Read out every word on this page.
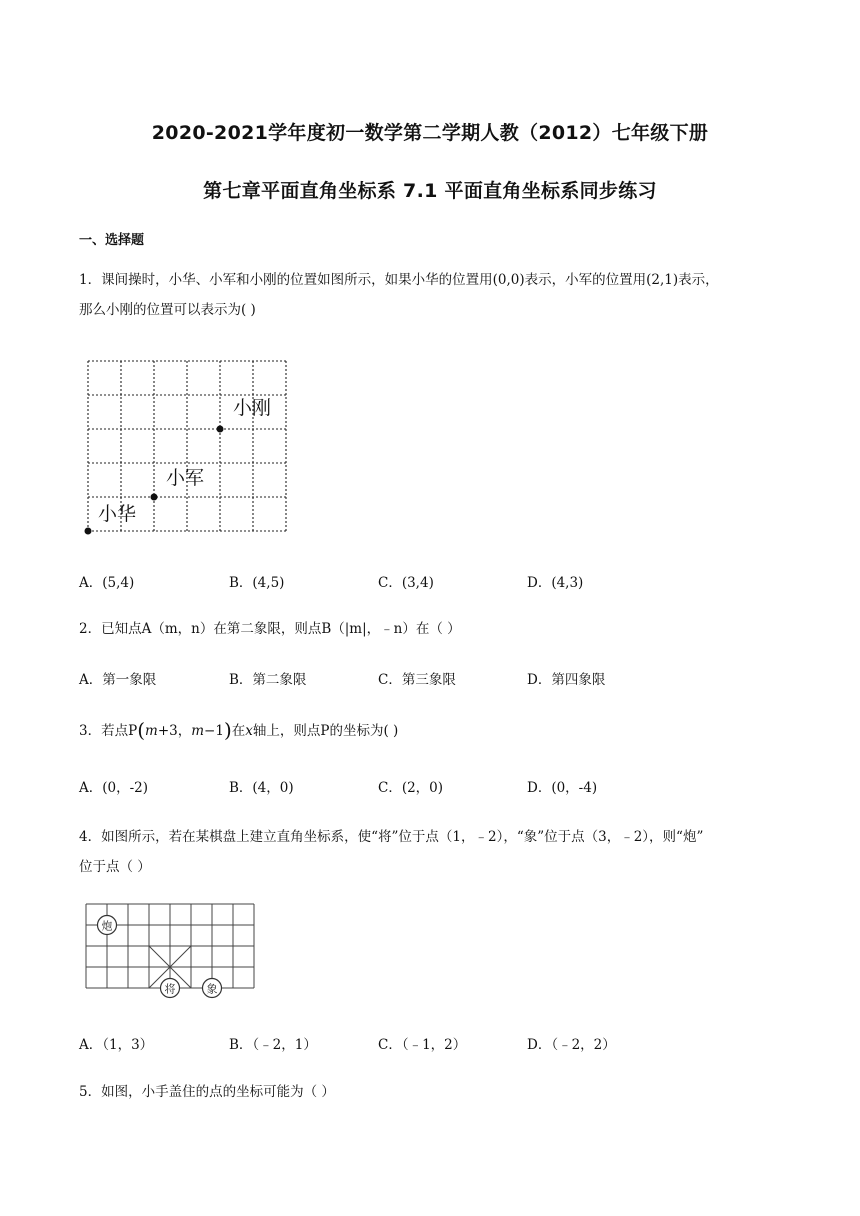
2020-2021学年度初一数学第二学期人教（2012）七年级下册
第七章平面直角坐标系 7.1 平面直角坐标系同步练习
一、选择题
1．课间操时，小华、小军和小刚的位置如图所示，如果小华的位置用(0,0)表示，小军的位置用(2,1)表示，
那么小刚的位置可以表示为( )
小刚
小军
小华
A．(5,4)	B．(4,5)	C．(3,4)	D．(4,3)
2．已知点A（m，n）在第二象限，则点B（|m|，﹣n）在（ ）
A．第一象限	B．第二象限	C．第三象限	D．第四象限
3．若点P(m+3，m−1)在x轴上，则点P的坐标为( )
A．(0，-2)	B．(4，0)	C．(2，0)	D．(0，-4)
4．如图所示，若在某棋盘上建立直角坐标系，使“将”位于点（1，﹣2），“象”位于点（3，﹣2），则“炮”
位于点（ ）
炮
将	象
A．（1，3）	B．（﹣2，1）	C．（﹣1，2）	D．（﹣2，2）
5．如图，小手盖住的点的坐标可能为（ ）
